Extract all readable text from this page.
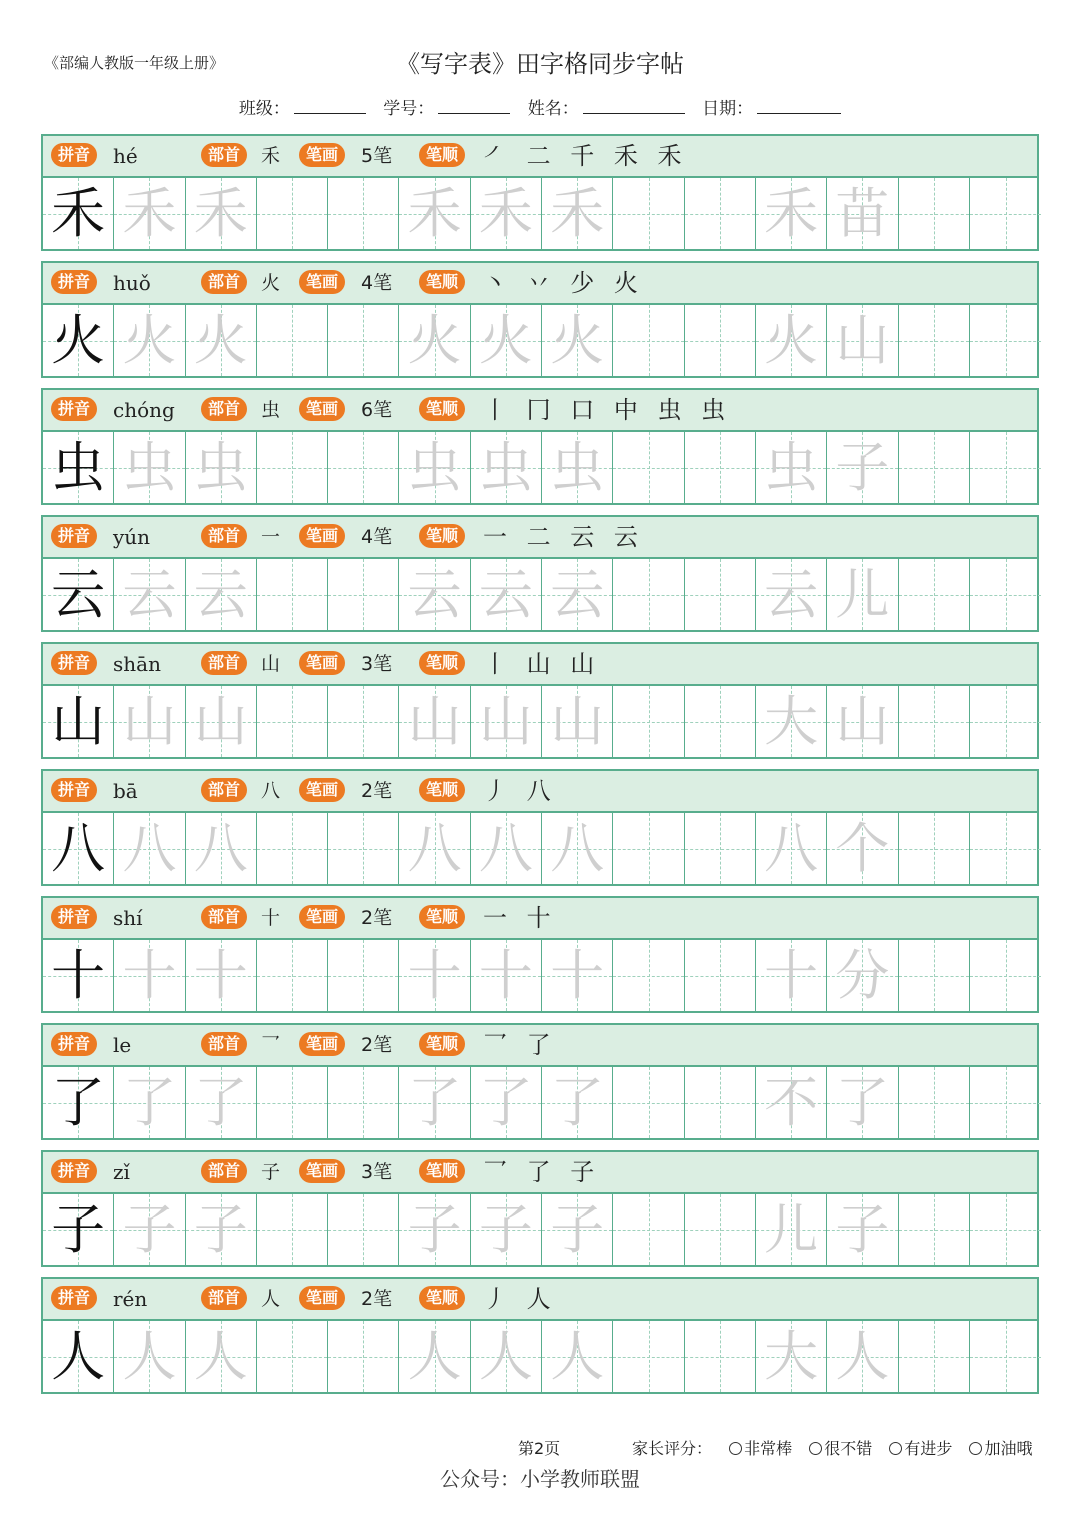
《部编人教版一年级上册》	《写字表》田字格同步字帖
班级：	学号：	姓名：	日期：
拼音	hé	部首	禾	笔画	5笔	笔顺 ㇒ 二 千 禾 禾
禾 禾 禾	禾 禾 禾	禾 苗
拼音	huǒ	部首	火	笔画	4笔	笔顺 丶 丷 少 火
火 火 火	火 火 火	火 山
拼音	chóng	部首	虫	笔画	6笔	笔顺 丨 冂 口 中 虫 虫
虫 虫 虫	虫 虫 虫	虫 子
拼音	yún	部首	一	笔画	4笔	笔顺 一 二 云 云
云 云 云	云 云 云	云 儿
拼音	shān	部首	山	笔画	3笔	笔顺 丨 山 山
山 山 山	山 山 山	大 山
拼音	bā	部首	八	笔画	2笔	笔顺 丿 八
八 八 八	八 八 八	八 个
拼音	shí	部首	十	笔画	2笔	笔顺 一 十
十 十 十	十 十 十	十 分
拼音	le	部首	乛	笔画	2笔	笔顺 乛 了
了 了 了	了 了 了	不 了
拼音	zǐ	部首	子	笔画	3笔	笔顺 乛 了 子
子 子 子	子 子 子	儿 子
拼音	rén	部首	人	笔画	2笔	笔顺 丿 人
人 人 人	人 人 人	大 人
第2页	家长评分： 非常棒 很不错 有进步 加油哦
公众号：小学教师联盟
